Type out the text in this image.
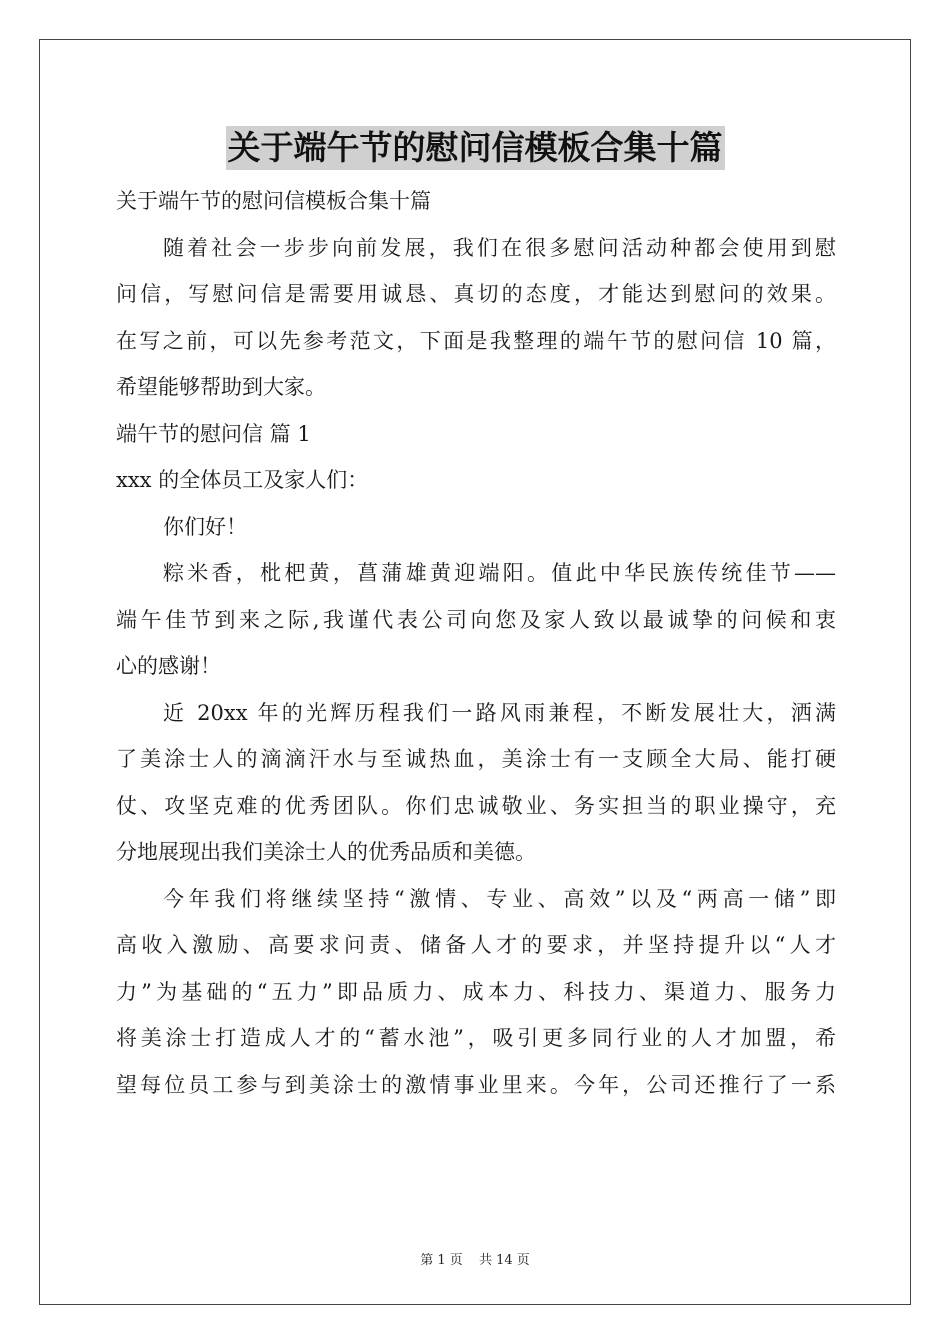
关于端午节的慰问信模板合集十篇
关于端午节的慰问信模板合集十篇
随着社会一步步向前发展，我们在很多慰问活动种都会使用到慰
问信，写慰问信是需要用诚恳、真切的态度，才能达到慰问的效果。
在写之前，可以先参考范文，下面是我整理的端午节的慰问信 10 篇，
希望能够帮助到大家。
端午节的慰问信 篇 1
xxx 的全体员工及家人们：
你们好！
粽米香，枇杷黄，菖蒲雄黄迎端阳。值此中华民族传统佳节——
端午佳节到来之际,我谨代表公司向您及家人致以最诚挚的问候和衷
心的感谢！
近 20xx 年的光辉历程我们一路风雨兼程，不断发展壮大，洒满
了美涂士人的滴滴汗水与至诚热血，美涂士有一支顾全大局、能打硬
仗、攻坚克难的优秀团队。你们忠诚敬业、务实担当的职业操守，充
分地展现出我们美涂士人的优秀品质和美德。
今年我们将继续坚持“激情、专业、高效”以及“两高一储”即
高收入激励、高要求问责、储备人才的要求，并坚持提升以“人才
力”为基础的“五力”即品质力、成本力、科技力、渠道力、服务力
将美涂士打造成人才的“蓄水池”，吸引更多同行业的人才加盟，希
望每位员工参与到美涂士的激情事业里来。今年，公司还推行了一系
第 1 页 共 14 页
